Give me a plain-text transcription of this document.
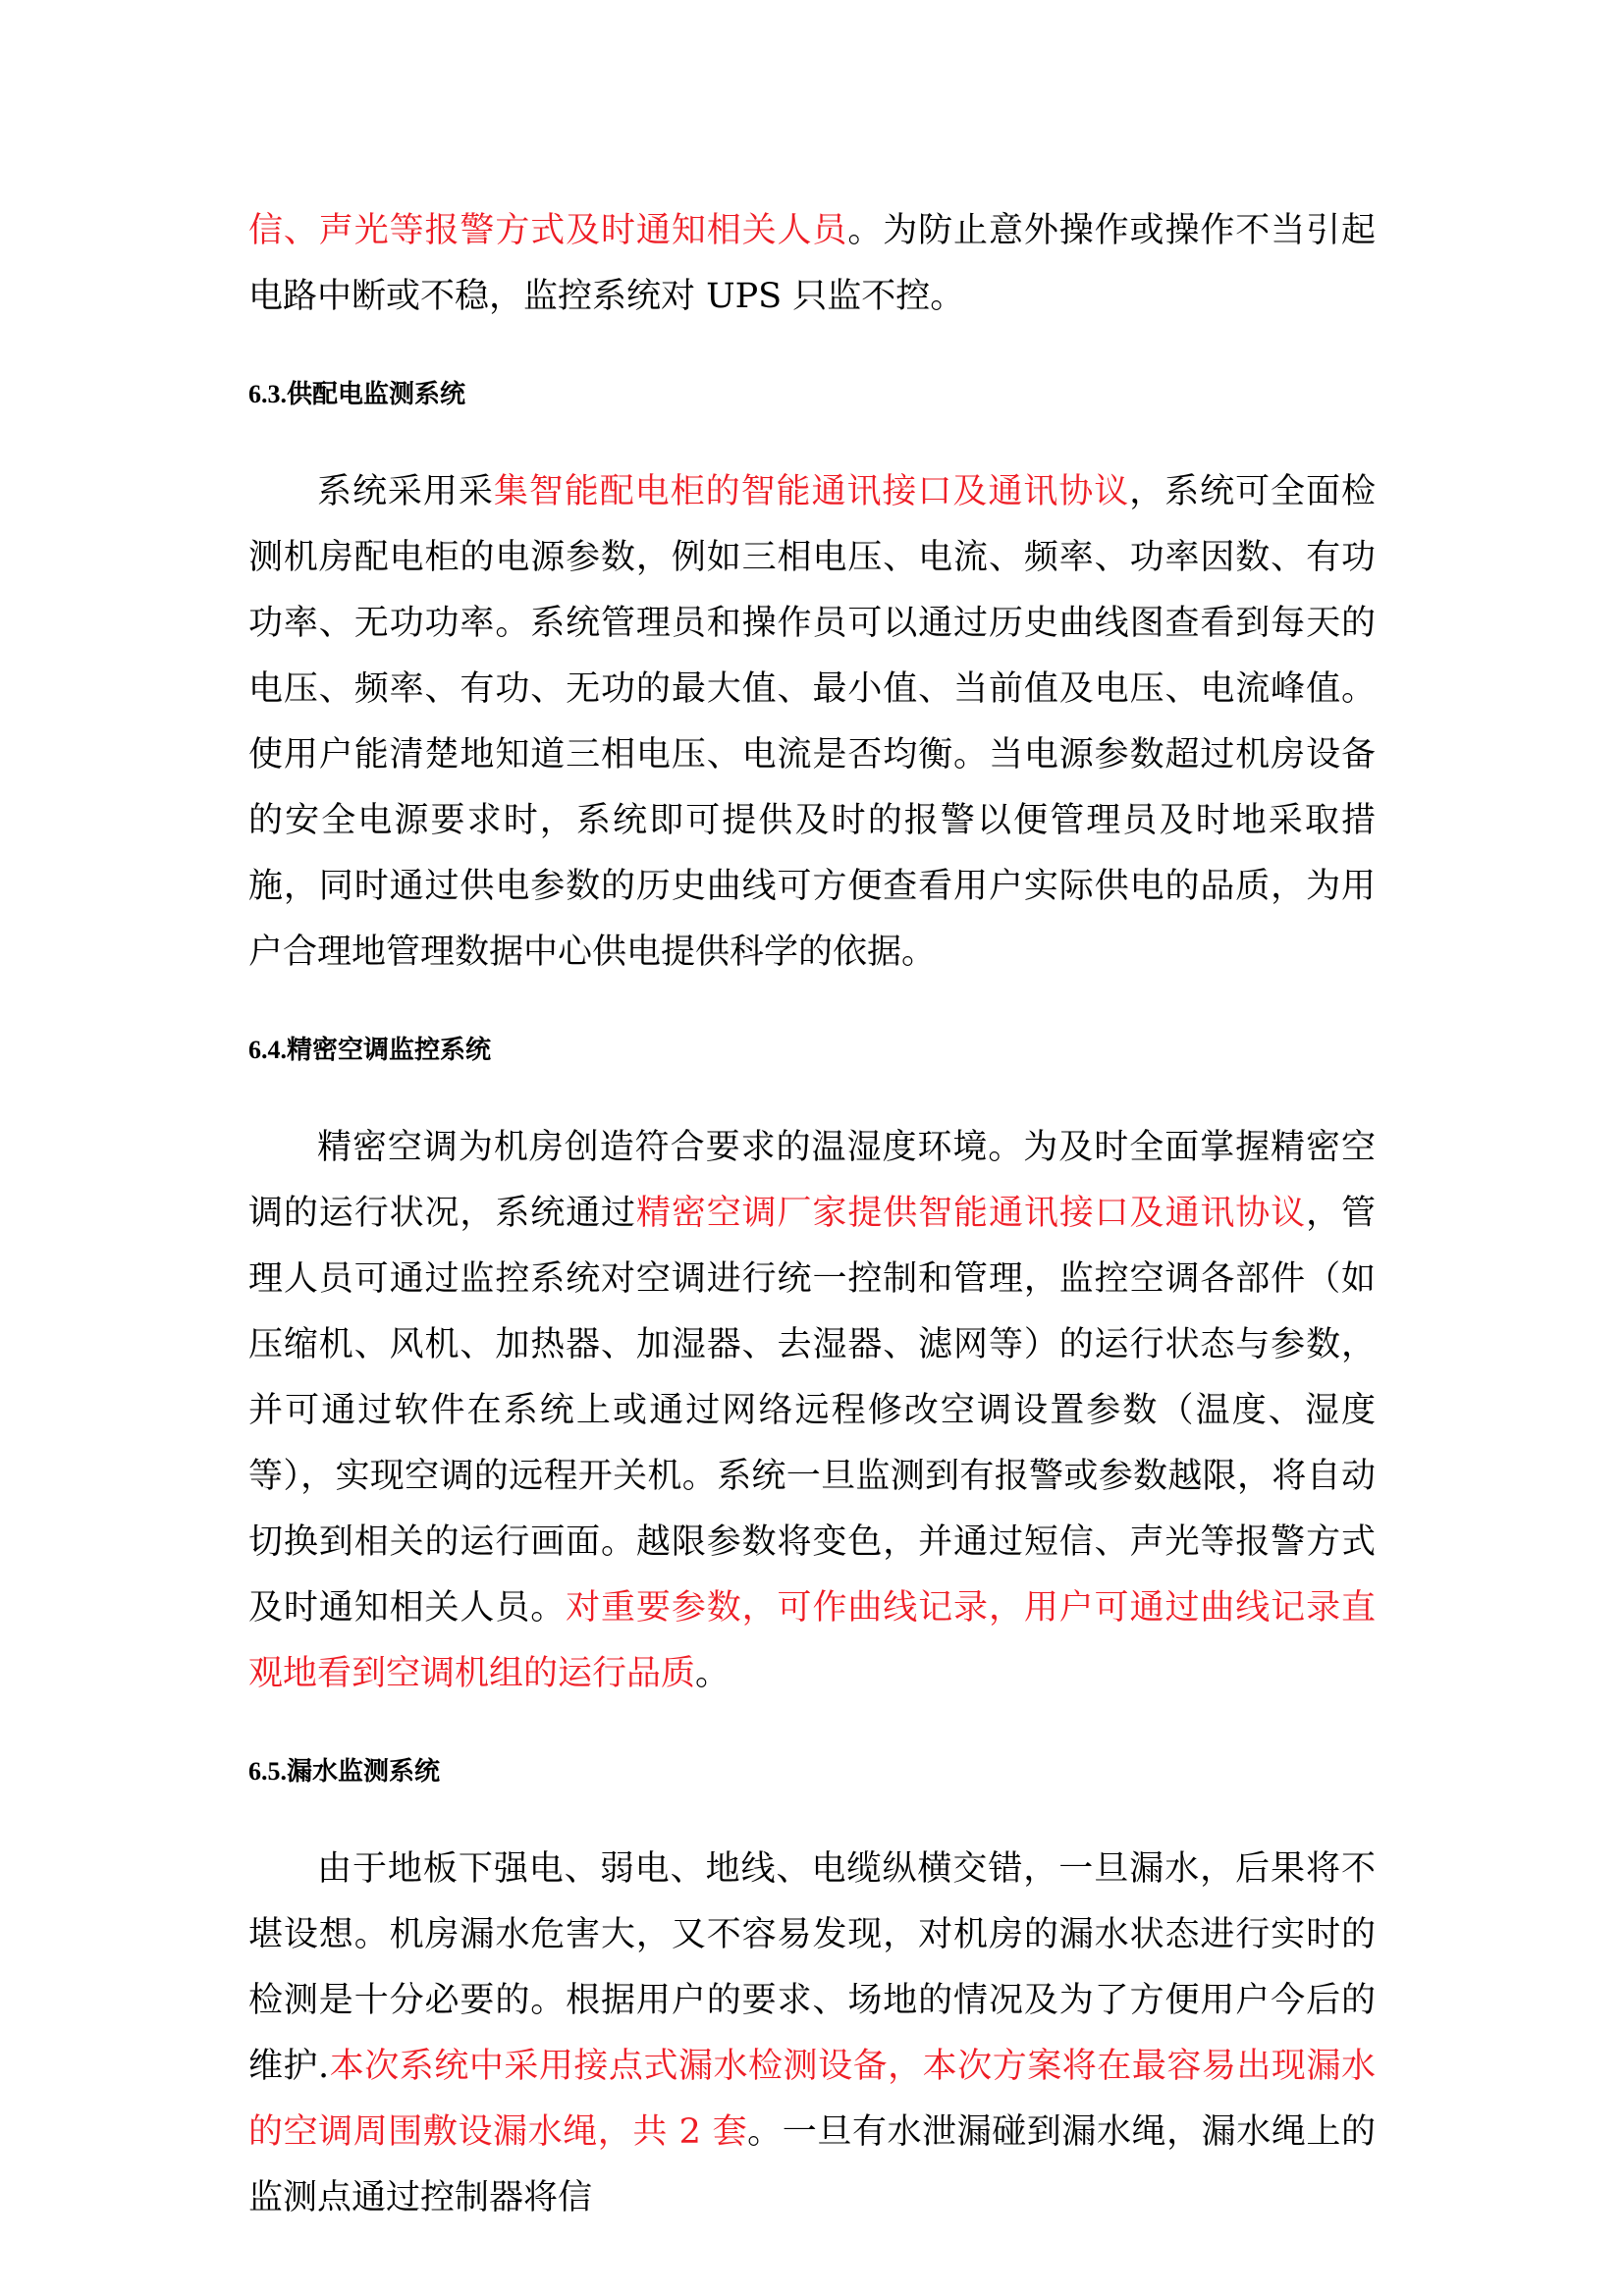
信、声光等报警方式及时通知相关人员。为防止意外操作或操作不当引起电路中断或不稳，监控系统对 UPS 只监不控。

6.3.供配电监测系统

系统采用采集智能配电柜的智能通讯接口及通讯协议，系统可全面检测机房配电柜的电源参数，例如三相电压、电流、频率、功率因数、有功功率、无功功率。系统管理员和操作员可以通过历史曲线图查看到每天的电压、频率、有功、无功的最大值、最小值、当前值及电压、电流峰值。使用户能清楚地知道三相电压、电流是否均衡。当电源参数超过机房设备的安全电源要求时，系统即可提供及时的报警以便管理员及时地采取措施，同时通过供电参数的历史曲线可方便查看用户实际供电的品质，为用户合理地管理数据中心供电提供科学的依据。

6.4.精密空调监控系统

精密空调为机房创造符合要求的温湿度环境。为及时全面掌握精密空调的运行状况，系统通过精密空调厂家提供智能通讯接口及通讯协议，管理人员可通过监控系统对空调进行统一控制和管理，监控空调各部件（如压缩机、风机、加热器、加湿器、去湿器、滤网等）的运行状态与参数，并可通过软件在系统上或通过网络远程修改空调设置参数（温度、湿度等），实现空调的远程开关机。系统一旦监测到有报警或参数越限，将自动切换到相关的运行画面。越限参数将变色，并通过短信、声光等报警方式及时通知相关人员。对重要参数，可作曲线记录，用户可通过曲线记录直观地看到空调机组的运行品质。

6.5.漏水监测系统

由于地板下强电、弱电、地线、电缆纵横交错，一旦漏水，后果将不堪设想。机房漏水危害大，又不容易发现，对机房的漏水状态进行实时的检测是十分必要的。根据用户的要求、场地的情况及为了方便用户今后的维护.本次系统中采用接点式漏水检测设备，本次方案将在最容易出现漏水的空调周围敷设漏水绳，共 2 套。一旦有水泄漏碰到漏水绳，漏水绳上的监测点通过控制器将信
